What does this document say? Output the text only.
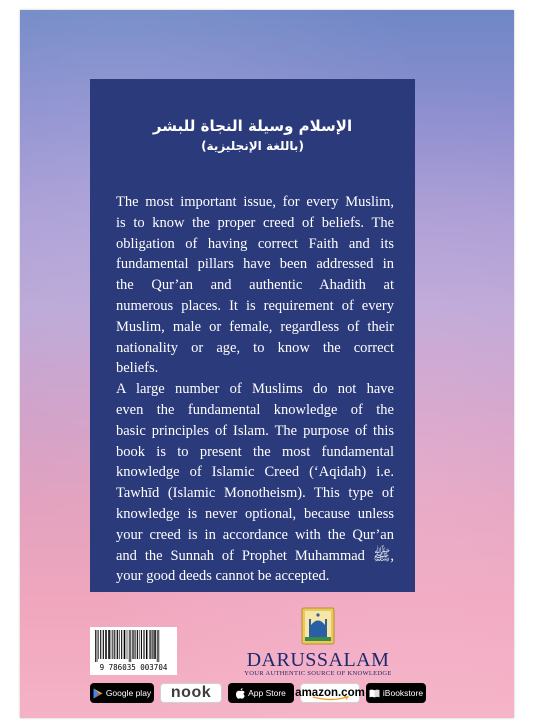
الإسلام وسيلة النجاة للبشر
(باللغة الإنجليزية)
The most important issue, for every Muslim,
is to know the proper creed of beliefs. The
obligation of having correct Faith and its
fundamental pillars have been addressed in
the Qur’an and authentic Ahadith at
numerous places. It is requirement of every
Muslim, male or female, regardless of their
nationality or age, to know the correct
beliefs.
A large number of Muslims do not have
even the fundamental knowledge of the
basic principles of Islam. The purpose of this
book is to present the most fundamental
knowledge of Islamic Creed (‘Aqidah) i.e.
Tawhīd (Islamic Monotheism). This type of
knowledge is never optional, because unless
your creed is in accordance with the Qur’an
and the Sunnah of Prophet Muhammad ﷺ,
your good deeds cannot be accepted.
9 786035 003704	DARUSSALAM
YOUR AUTHENTIC SOURCE OF KNOWLEDGE
Google play nook	App Store amazon.com iBookstore
